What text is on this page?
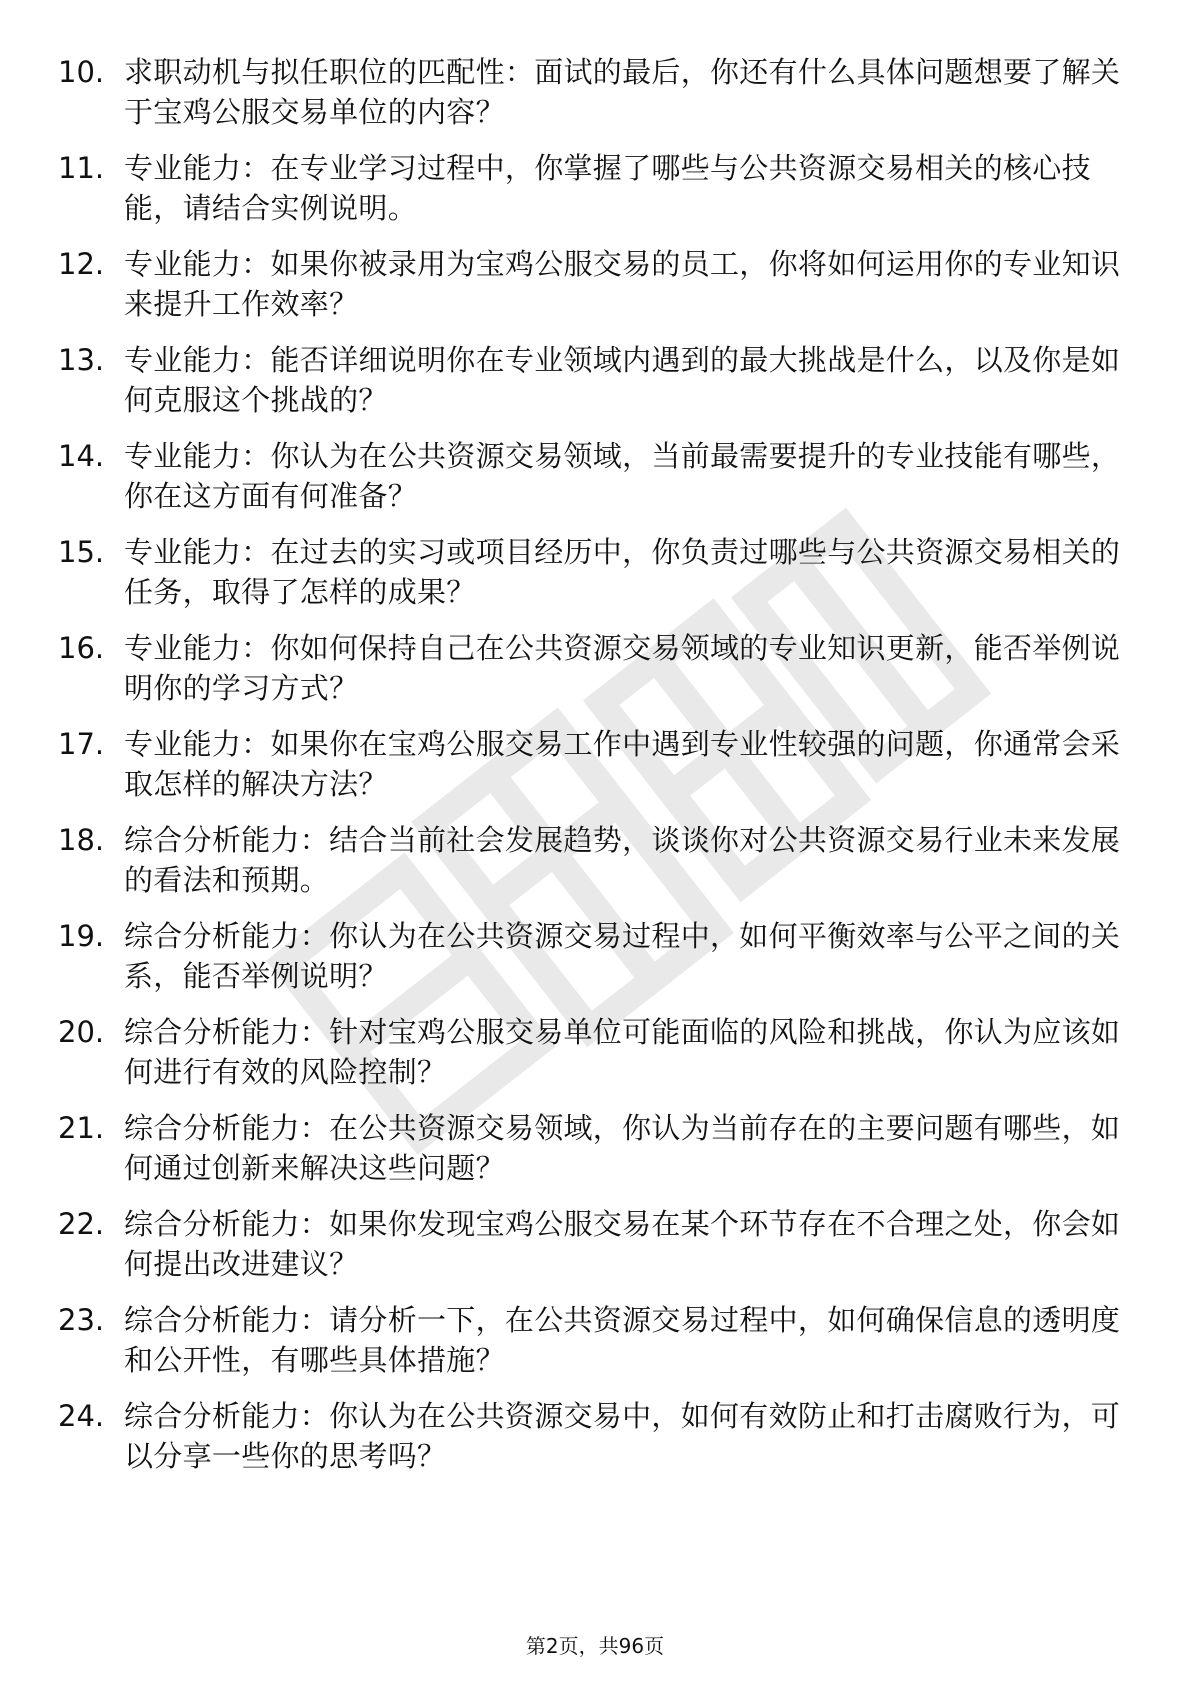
10. 求职动机与拟任职位的匹配性：面试的最后，你还有什么具体问题想要了解关于宝鸡公服交易单位的内容？
11. 专业能力：在专业学习过程中，你掌握了哪些与公共资源交易相关的核心技能，请结合实例说明。
12. 专业能力：如果你被录用为宝鸡公服交易的员工，你将如何运用你的专业知识来提升工作效率？
13. 专业能力：能否详细说明你在专业领域内遇到的最大挑战是什么，以及你是如何克服这个挑战的？
14. 专业能力：你认为在公共资源交易领域，当前最需要提升的专业技能有哪些，你在这方面有何准备？
15. 专业能力：在过去的实习或项目经历中，你负责过哪些与公共资源交易相关的任务，取得了怎样的成果？
16. 专业能力：你如何保持自己在公共资源交易领域的专业知识更新，能否举例说明你的学习方式？
17. 专业能力：如果你在宝鸡公服交易工作中遇到专业性较强的问题，你通常会采取怎样的解决方法？
18. 综合分析能力：结合当前社会发展趋势，谈谈你对公共资源交易行业未来发展的看法和预期。
19. 综合分析能力：你认为在公共资源交易过程中，如何平衡效率与公平之间的关系，能否举例说明？
20. 综合分析能力：针对宝鸡公服交易单位可能面临的风险和挑战，你认为应该如何进行有效的风险控制？
21. 综合分析能力：在公共资源交易领域，你认为当前存在的主要问题有哪些，如何通过创新来解决这些问题？
22. 综合分析能力：如果你发现宝鸡公服交易在某个环节存在不合理之处，你会如何提出改进建议？
23. 综合分析能力：请分析一下，在公共资源交易过程中，如何确保信息的透明度和公开性，有哪些具体措施？
24. 综合分析能力：你认为在公共资源交易中，如何有效防止和打击腐败行为，可以分享一些你的思考吗？
第2页，共96页
